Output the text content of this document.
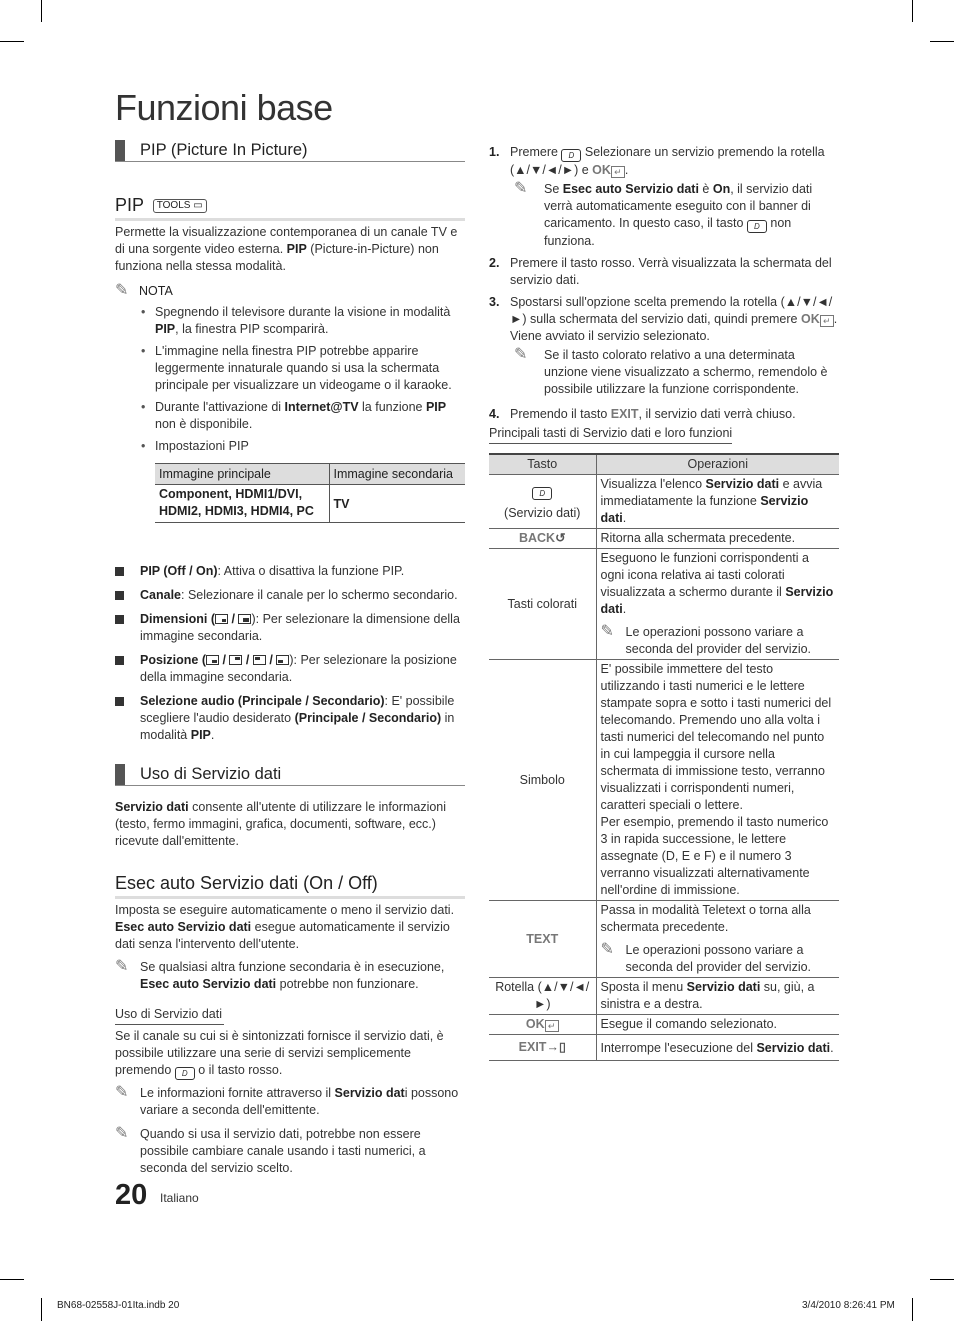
Funzioni base
PIP (Picture In Picture)
PIP TOOLS ▭
Permette la visualizzazione contemporanea di un canale TV e di una sorgente video esterna. PIP (Picture-in-Picture) non funziona nella stessa modalità.
✎ NOTA
• Spegnendo il televisore durante la visione in modalità PIP, la finestra PIP scomparirà.
• L'immagine nella finestra PIP potrebbe apparire leggermente innaturale quando si usa la schermata principale per visualizzare un videogame o il karaoke.
• Durante l'attivazione di Internet@TV la funzione PIP non è disponibile.
• Impostazioni PIP
Immagine principale	Immagine secondaria
Component, HDMI1/DVI, HDMI2, HDMI3, HDMI4, PC	TV
PIP (Off / On): Attiva o disattiva la funzione PIP.
Canale: Selezionare il canale per lo schermo secondario.
Dimensioni ( / ): Per selezionare la dimensione della immagine secondaria.
Posizione ( / / / ): Per selezionare la posizione della immagine secondaria.
Selezione audio (Principale / Secondario): E' possibile scegliere l'audio desiderato (Principale / Secondario) in modalità PIP.
Uso di Servizio dati
Servizio dati consente all'utente di utilizzare le informazioni (testo, fermo immagini, grafica, documenti, software, ecc.) ricevute dall'emittente.
Esec auto Servizio dati (On / Off)
Imposta se eseguire automaticamente o meno il servizio dati. Esec auto Servizio dati esegue automaticamente il servizio dati senza l'intervento dell'utente.
✎ Se qualsiasi altra funzione secondaria è in esecuzione, Esec auto Servizio dati potrebbe non funzionare.
Uso di Servizio dati
Se il canale su cui si è sintonizzati fornisce il servizio dati, è possibile utilizzare una serie di servizi semplicemente premendo D o il tasto rosso.
✎ Le informazioni fornite attraverso il Servizio dati possono variare a seconda dell'emittente.
✎ Quando si usa il servizio dati, potrebbe non essere possibile cambiare canale usando i tasti numerici, a seconda del servizio scelto.
1. Premere D Selezionare un servizio premendo la rotella (▲/▼/◄/►) e OK ↵ .
✎	Se Esec auto Servizio dati è On, il servizio dati verrà automaticamente eseguito con il banner di caricamento. In questo caso, il tasto D non funziona.
2. Premere il tasto rosso. Verrà visualizzata la schermata del servizio dati.
3. Spostarsi sull'opzione scelta premendo la rotella (▲/▼/◄/►) sulla schermata del servizio dati, quindi premere OK ↵ . Viene avviato il servizio selezionato.
✎	Se il tasto colorato relativo a una determinata unzione viene visualizzato a schermo, remendolo è possibile utilizzare la funzione corrispondente.
4. Premendo il tasto EXIT, il servizio dati verrà chiuso.
Principali tasti di Servizio dati e loro funzioni
Tasto	Operazioni
D
(Servizio dati)	Visualizza l'elenco Servizio dati e avvia immediatamente la funzione Servizio dati.
BACK↺	Ritorna alla schermata precedente.
Tasti colorati	Eseguono le funzioni corrispondenti a ogni icona relativa ai tasti colorati visualizzata a schermo durante il Servizio dati.
✎ Le operazioni possono variare a seconda del provider del servizio.

Simbolo	E' possibile immettere del testo utilizzando i tasti numerici e le lettere stampate sopra e sotto i tasti numerici del telecomando. Premendo uno alla volta i tasti numerici del telecomando nel punto in cui lampeggia il cursore nella schermata di immissione testo, verranno visualizzati i corrispondenti numeri, caratteri speciali o lettere.
Per esempio, premendo il tasto numerico 3 in rapida successione, le lettere assegnate (D, E e F) e il numero 3 verranno visualizzati alternativamente nell'ordine di immissione.
TEXT	Passa in modalità Teletext o torna alla schermata precedente.
✎ Le operazioni possono variare a seconda del provider del servizio.

Rotella (▲/▼/◄/►)	Sposta il menu Servizio dati su, giù, a sinistra e a destra.
OK ↵	Esegue il comando selezionato.
EXIT→▯	Interrompe l'esecuzione del Servizio dati.
20 Italiano
BN68-02558J-01Ita.indb 20	3/4/2010 8:26:41 PM
